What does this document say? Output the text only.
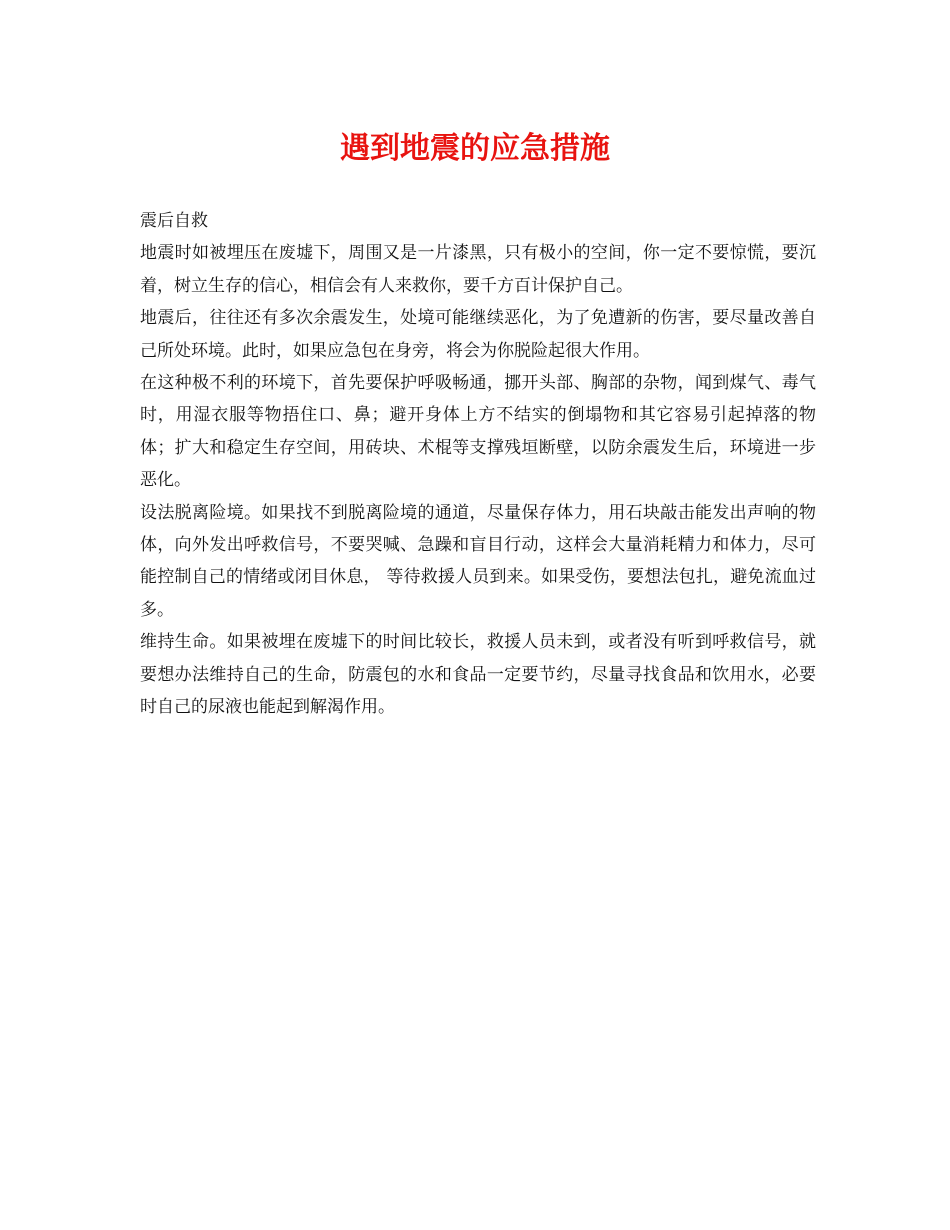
遇到地震的应急措施

震后自救

地震时如被埋压在废墟下，周围又是一片漆黑，只有极小的空间，你一定不要惊慌，要沉着，树立生存的信心，相信会有人来救你，要千方百计保护自己。

地震后，往往还有多次余震发生，处境可能继续恶化，为了免遭新的伤害，要尽量改善自己所处环境。此时，如果应急包在身旁，将会为你脱险起很大作用。

在这种极不利的环境下，首先要保护呼吸畅通，挪开头部、胸部的杂物，闻到煤气、毒气时，用湿衣服等物捂住口、鼻；避开身体上方不结实的倒塌物和其它容易引起掉落的物体；扩大和稳定生存空间，用砖块、术棍等支撑残垣断壁，以防余震发生后，环境进一步恶化。

设法脱离险境。如果找不到脱离险境的通道，尽量保存体力，用石块敲击能发出声响的物体，向外发出呼救信号，不要哭喊、急躁和盲目行动，这样会大量消耗精力和体力，尽可能控制自己的情绪或闭目休息， 等待救援人员到来。如果受伤，要想法包扎，避免流血过多。

维持生命。如果被埋在废墟下的时间比较长，救援人员未到，或者没有听到呼救信号，就要想办法维持自己的生命，防震包的水和食品一定要节约，尽量寻找食品和饮用水，必要时自己的尿液也能起到解渴作用。
